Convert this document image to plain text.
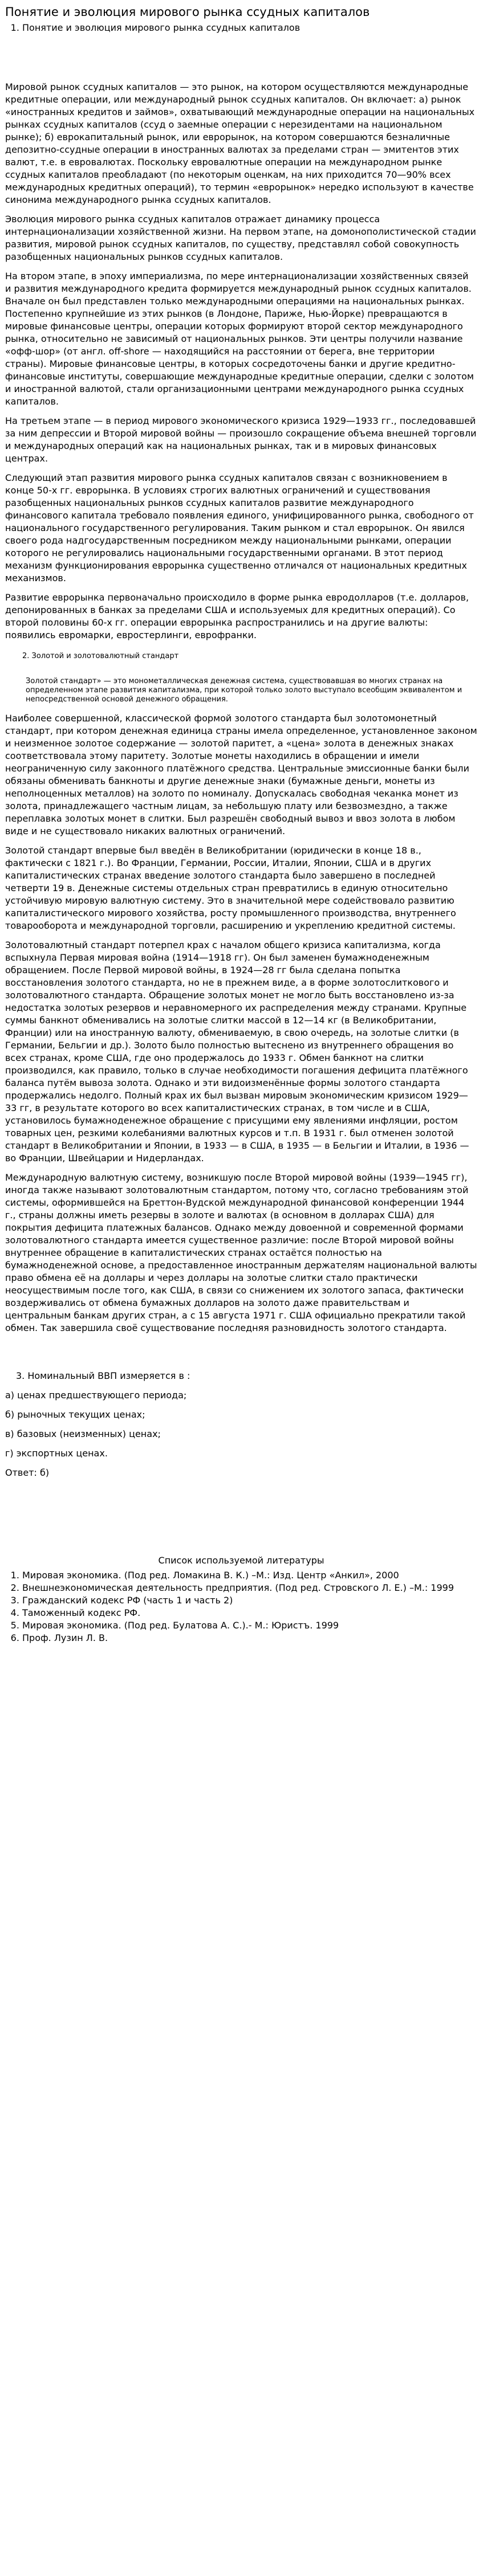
Понятие и эволюция мирового рынка ссудных капиталов
1. Понятие и эволюция мирового рынка ссудных капиталов

Мировой рынок ссудных капиталов — это рынок, на котором осуществляются международные кредитные операции, или международный рынок ссудных капиталов. Он включает: а) рынок «иностранных кредитов и займов», охватывающий международные операции на национальных рынках ссудных капиталов (ссуд о заемные операции с нерезидентами на национальном рынке); б) еврокапитальный рынок, или еврорынок, на котором совершаются безналичные депозитно-ссудные операции в иностранных валютах за пределами стран — эмитентов этих валют, т.е. в евровалютах. Поскольку евровалютные операции на международном рынке ссудных капиталов преобладают (по некоторым оценкам, на них приходится 70—90% всех международных кредитных операций), то термин «еврорынок» нередко используют в качестве синонима международного рынка ссудных капиталов.

Эволюция мирового рынка ссудных капиталов отражает динамику процесса интернационализации хозяйственной жизни. На первом этапе, на домонополистической стадии развития, мировой рынок ссудных капиталов, по существу, представлял собой совокупность разобщенных национальных рынков ссудных капиталов.

На втором этапе, в эпоху империализма, по мере интернационализации хозяйственных связей и развития международного кредита формируется международный рынок ссудных капиталов. Вначале он был представлен только международными операциями на национальных рынках. Постепенно крупнейшие из этих рынков (в Лондоне, Париже, Нью-Йорке) превращаются в мировые финансовые центры, операции которых формируют второй сектор международного рынка, относительно не зависимый от национальных рынков. Эти центры получили название «офф-шор» (от англ. off-shore — находящийся на расстоянии от берега, вне территории страны). Мировые финансовые центры, в которых сосредоточены банки и другие кредитно-финансовые институты, совершающие международные кредитные операции, сделки с золотом и иностранной валютой, стали организационными центрами международного рынка ссудных капиталов.

На третьем этапе — в период мирового экономического кризиса 1929—1933 гг., последовавшей за ним депрессии и Второй мировой войны — произошло сокращение объема внешней торговли и международных операций как на национальных рынках, так и в мировых финансовых центрах.

Следующий этап развития мирового рынка ссудных капиталов связан с возникновением в конце 50-х гг. еврорынка. В условиях строгих валютных ограничений и существования разобщенных национальных рынков ссудных капиталов развитие международного финансового капитала требовало появления единого, унифицированного рынка, свободного от национального государственного регулирования. Таким рынком и стал еврорынок. Он явился своего рода надгосударственным посредником между национальными рынками, операции которого не регулировались национальными государственными органами. В этот период механизм функционирования еврорынка существенно отличался от национальных кредитных механизмов.

Развитие еврорынка первоначально происходило в форме рынка евродолларов (т.е. долларов, депонированных в банках за пределами США и используемых для кредитных операций). Со второй половины 60-х гг. операции еврорынка распространились и на другие валюты: появились евромарки, евростерлинги, еврофранки.

2. Золотой и золотовалютный стандарт

Золотой стандарт» — это монометаллическая денежная система, существовавшая во многих странах на определенном этапе развития капитализма, при которой только золото выступало всеобщим эквивалентом и непосредственной основой денежного обращения.

Наиболее совершенной, классической формой золотого стандарта был золотомонетный стандарт, при котором денежная единица страны имела определенное, установленное законом и неизменное золотое содержание — золотой паритет, а «цена» золота в денежных знаках соответствовала этому паритету. Золотые монеты находились в обращении и имели неограниченную силу законного платёжного средства. Центральные эмиссионные банки были обязаны обменивать банкноты и другие денежные знаки (бумажные деньги, монеты из неполноценных металлов) на золото по номиналу. Допускалась свободная чеканка монет из золота, принадлежащего частным лицам, за небольшую плату или безвозмездно, а также переплавка золотых монет в слитки. Был разрешён свободный вывоз и ввоз золота в любом виде и не существовало никаких валютных ограничений.

Золотой стандарт впервые был введён в Великобритании (юридически в конце 18 в., фактически с 1821 г.). Во Франции, Германии, России, Италии, Японии, США и в других капиталистических странах введение золотого стандарта было завершено в последней четверти 19 в. Денежные системы отдельных стран превратились в единую относительно устойчивую мировую валютную систему. Это в значительной мере содействовало развитию капиталистического мирового хозяйства, росту промышленного производства, внутреннего товарооборота и международной торговли, расширению и укреплению кредитной системы.

Золотовалютный стандарт потерпел крах с началом общего кризиса капитализма, когда вспыхнула Первая мировая война (1914—1918 гг). Он был заменен бумажноденежным обращением. После Первой мировой войны, в 1924—28 гг была сделана попытка восстановления золотого стандарта, но не в прежнем виде, а в форме золотослиткового и золотовалютного стандарта. Обращение золотых монет не могло быть восстановлено из-за недостатка золотых резервов и неравномерного их распределения между странами. Крупные суммы банкнот обменивались на золотые слитки массой в 12—14 кг (в Великобритании, Франции) или на иностранную валюту, обмениваемую, в свою очередь, на золотые слитки (в Германии, Бельгии и др.). Золото было полностью вытеснено из внутреннего обращения во всех странах, кроме США, где оно продержалось до 1933 г. Обмен банкнот на слитки производился, как правило, только в случае необходимости погашения дефицита платёжного баланса путём вывоза золота. Однако и эти видоизменённые формы золотого стандарта продержались недолго. Полный крах их был вызван мировым экономическим кризисом 1929—33 гг, в результате которого во всех капиталистических странах, в том числе и в США, установилось бумажноденежное обращение с присущими ему явлениями инфляции, ростом товарных цен, резкими колебаниями валютных курсов и т.п. В 1931 г. был отменен золотой стандарт в Великобритании и Японии, в 1933 — в США, в 1935 — в Бельгии и Италии, в 1936 — во Франции, Швейцарии и Нидерландах.

Международную валютную систему, возникшую после Второй мировой войны (1939—1945 гг), иногда также называют золотовалютным стандартом, потому что, согласно требованиям этой системы, оформившейся на Бреттон-Вудской международной финансовой конференции 1944 г., страны должны иметь резервы в золоте и валютах (в основном в долларах США) для покрытия дефицита платежных балансов. Однако между довоенной и современной формами золотовалютного стандарта имеется существенное различие: после Второй мировой войны внутреннее обращение в капиталистических странах остаётся полностью на бумажноденежной основе, а предоставленное иностранным держателям национальной валюты право обмена её на доллары и через доллары на золотые слитки стало практически неосуществимым после того, как США, в связи со снижением их золотого запаса, фактически воздерживались от обмена бумажных долларов на золото даже правительствам и центральным банкам других стран, а с 15 августа 1971 г. США официально прекратили такой обмен. Так завершила своё существование последняя разновидность золотого стандарта.

3. Номинальный ВВП измеряется в :

а) ценах предшествующего периода;

б) рыночных текущих ценах;

в) базовых (неизменных) ценах;

г) экспортных ценах.

Ответ: б)

Список используемой литературы
1. Мировая экономика. (Под ред. Ломакина В. К.) –М.: Изд. Центр «Анкил», 2000
2. Внешнеэкономическая деятельность предприятия. (Под ред. Стровского Л. Е.) –М.: 1999
3. Гражданский кодекс РФ (часть 1 и часть 2)
4. Таможенный кодекс РФ.
5. Мировая экономика. (Под ред. Булатова А. С.).- М.: Юристъ. 1999
6. Проф. Лузин Л. В.
